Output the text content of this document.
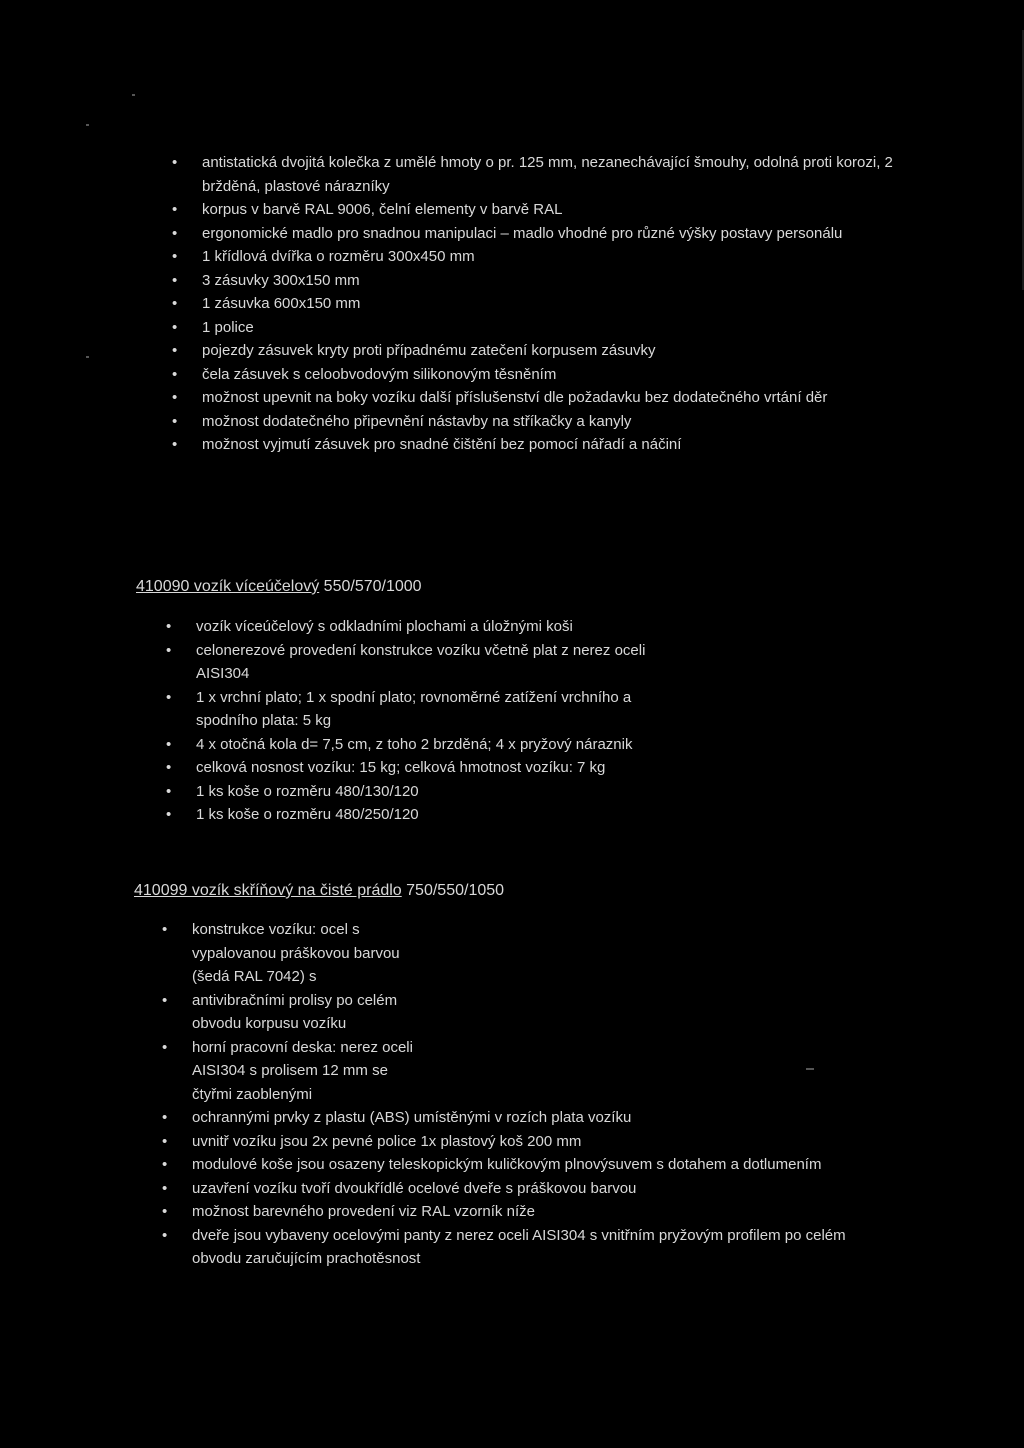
• antistatická dvojitá kolečka z umělé hmoty o pr. 125 mm, nezanechávající šmouhy, odolná proti korozi, 2 bržděná, plastové nárazníky
• korpus v barvě RAL 9006, čelní elementy v barvě RAL
• ergonomické madlo pro snadnou manipulaci – madlo vhodné pro různé výšky postavy personálu
• 1 křídlová dvířka o rozměru 300x450 mm
• 3 zásuvky 300x150 mm
• 1 zásuvka 600x150 mm
• 1 police
• pojezdy zásuvek kryty proti případnému zatečení korpusem zásuvky
• čela zásuvek s celoobvodovým silikonovým těsněním
• možnost upevnit na boky vozíku další příslušenství dle požadavku bez dodatečného vrtání děr
• možnost dodatečného připevnění nástavby na stříkačky a kanyly
• možnost vyjmutí zásuvek pro snadné čištění bez pomocí nářadí a náčiní
410090 vozík víceúčelový 550/570/1000
• vozík víceúčelový s odkladními plochami a úložnými koši
• celonerezové provedení konstrukce vozíku včetně plat z nerez oceli AISI304
• 1 x vrchní plato; 1 x spodní plato; rovnoměrné zatížení vrchního a spodního plata: 5 kg
• 4 x otočná kola d= 7,5 cm, z toho 2 brzděná; 4 x pryžový náraznik
• celková nosnost vozíku: 15 kg; celková hmotnost vozíku: 7 kg
• 1 ks koše o rozměru 480/130/120
• 1 ks koše o rozměru 480/250/120
410099 vozík skříňový na čisté prádlo 750/550/1050
• konstrukce vozíku: ocel s vypalovanou práškovou barvou (šedá RAL 7042) s
• antivibračními prolisy po celém obvodu korpusu vozíku
• horní pracovní deska: nerez oceli AISI304 s prolisem 12 mm se čtyřmi zaoblenými
• ochrannými prvky z plastu (ABS) umístěnými v rozích plata vozíku
• uvnitř vozíku jsou 2x pevné police 1x plastový koš 200 mm
• modulové koše jsou osazeny teleskopickým kuličkovým plnovýsuvem s dotahem a dotlumením
• uzavření vozíku tvoří dvoukřídlé ocelové dveře s práškovou barvou
• možnost barevného provedení viz RAL vzorník níže
• dveře jsou vybaveny ocelovými panty z nerez oceli AISI304 s vnitřním pryžovým profilem po celém obvodu zaručujícím prachotěsnost
